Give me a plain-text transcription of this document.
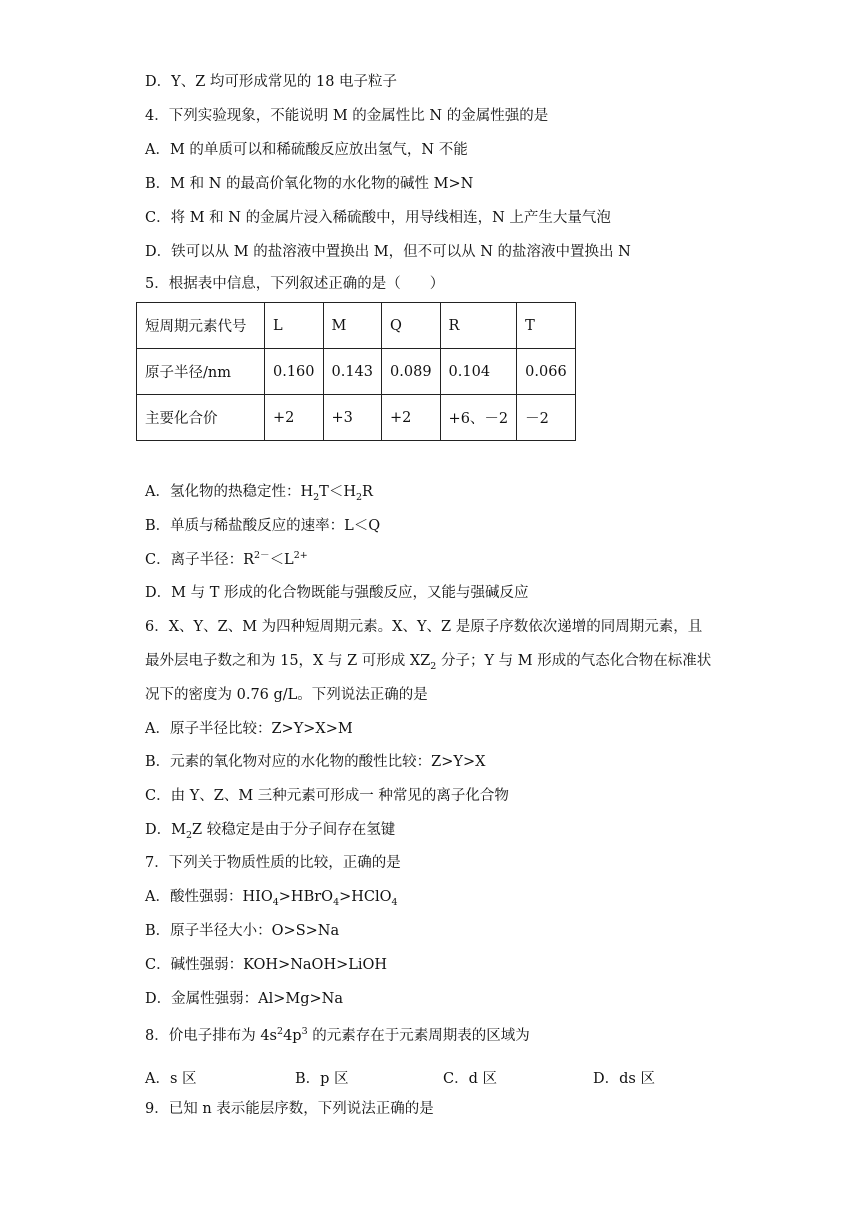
D．Y、Z 均可形成常见的 18 电子粒子
4．下列实验现象，不能说明 M 的金属性比 N 的金属性强的是
A．M 的单质可以和稀硫酸反应放出氢气，N 不能
B．M 和 N 的最高价氧化物的水化物的碱性 M>N
C．将 M 和 N 的金属片浸入稀硫酸中，用导线相连，N 上产生大量气泡
D．铁可以从 M 的盐溶液中置换出 M，但不可以从 N 的盐溶液中置换出 N
5．根据表中信息，下列叙述正确的是（　　）
短周期元素代号	L	M	Q	R	T
原子半径/nm	0.160	0.143	0.089	0.104	0.066
主要化合价	+2	+3	+2	+6、－2	－2
A．氢化物的热稳定性：$H_2T<H_2R$
B．单质与稀盐酸反应的速率：L＜Q
C．离子半径：$R^{2-}<L^{2+}$
D．M 与 T 形成的化合物既能与强酸反应，又能与强碱反应
6．X、Y、Z、M 为四种短周期元素。X、Y、Z 是原子序数依次递增的同周期元素，且
最外层电子数之和为 15，X 与 Z 可形成 $XZ_2$ 分子；Y 与 M 形成的气态化合物在标准状
况下的密度为 0.76 g/L。下列说法正确的是
A．原子半径比较：Z>Y>X>M
B．元素的氧化物对应的水化物的酸性比较：Z>Y>X
C．由 Y、Z、M 三种元素可形成一 种常见的离子化合物
D．$M_2Z$ 较稳定是由于分子间存在氢键
7．下列关于物质性质的比较，正确的是
A．酸性强弱：$HIO_4>HBrO_4>HClO_4$
B．原子半径大小：O>S>Na
C．碱性强弱：KOH>NaOH>LiOH
D．金属性强弱：Al>Mg>Na
8．价电子排布为 $4s^24p^3$ 的元素存在于元素周期表的区域为
A．s 区	B．p 区	C．d 区	D．ds 区
9．已知 n 表示能层序数，下列说法正确的是
